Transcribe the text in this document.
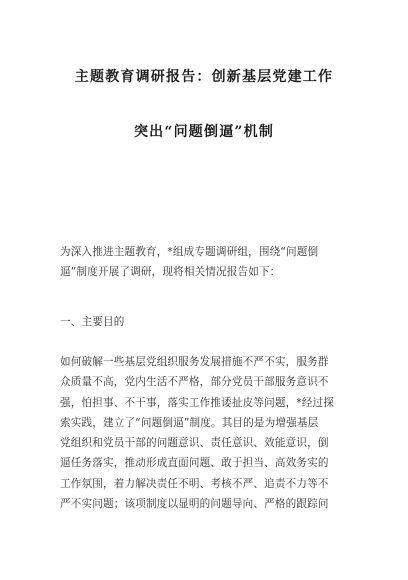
主题教育调研报告：创新基层党建工作
突出“问题倒逼”机制
为深入推进主题教育，*组成专题调研组，围绕“问题倒
逼”制度开展了调研，现将相关情况报告如下：
一、主要目的
如何破解一些基层党组织服务发展措施不严不实，服务群
众质量不高，党内生活不严格，部分党员干部服务意识不
强，怕担事、不干事，落实工作推诿扯皮等问题，*经过探
索实践，建立了“问题倒逼”制度。其目的是为增强基层
党组织和党员干部的问题意识、责任意识、效能意识，倒
逼任务落实，推动形成直面问题、敢于担当、高效务实的
工作氛围，着力解决责任不明、考核不严、追责不力等不
严不实问题；该项制度以显明的问题导向、严格的跟踪问
